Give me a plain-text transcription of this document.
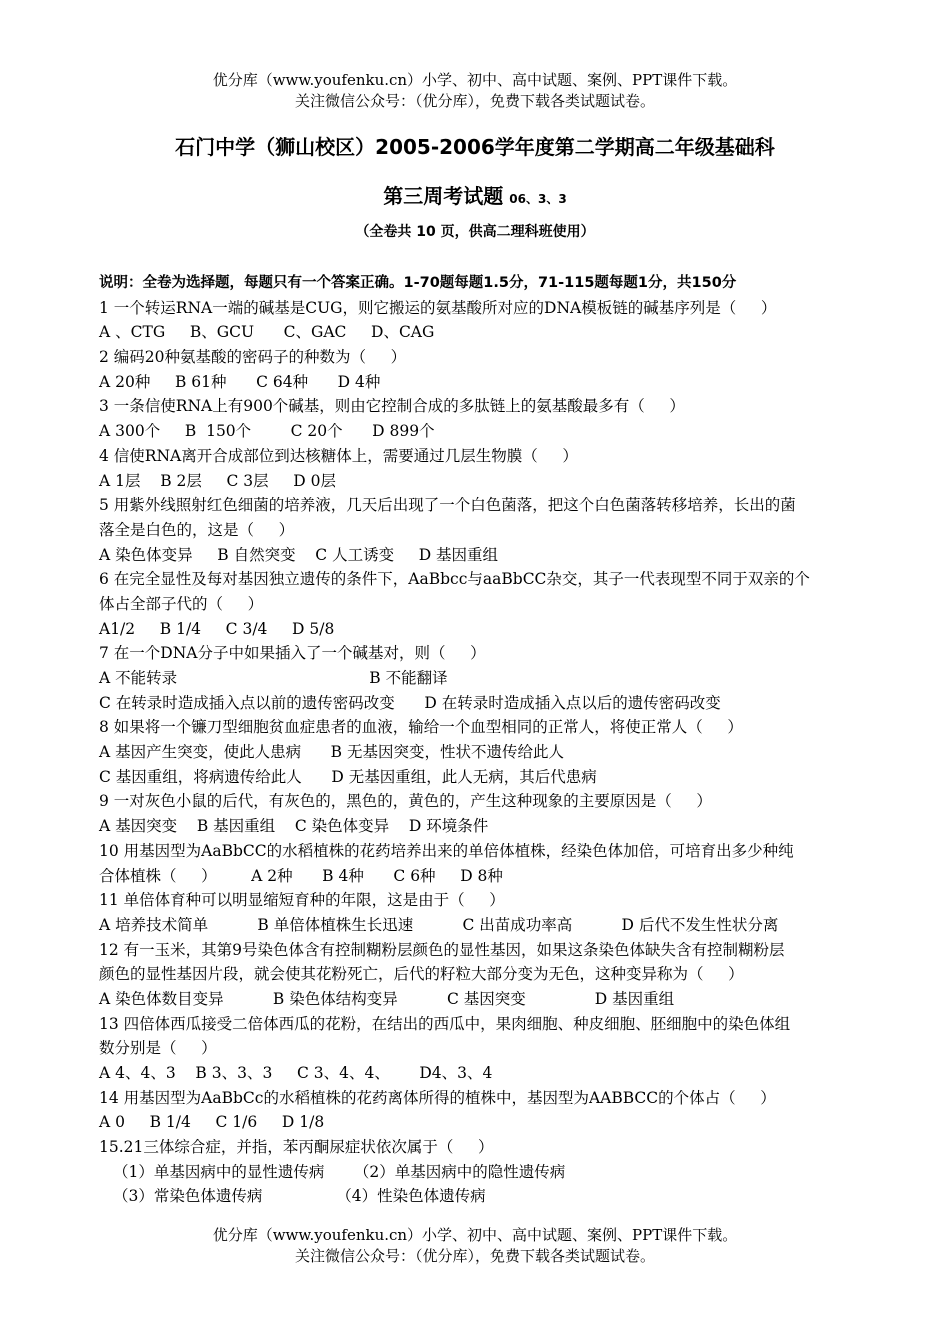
优分库（www.youfenku.cn）小学、初中、高中试题、案例、PPT课件下载。
关注微信公众号：（优分库），免费下载各类试题试卷。
石门中学（狮山校区）2005-2006学年度第二学期高二年级基础科
第三周考试题 06、3、3
（全卷共 10 页，供高二理科班使用）
说明：全卷为选择题，每题只有一个答案正确。1-70题每题1.5分，71-115题每题1分，共150分
1 一个转运RNA一端的碱基是CUG，则它搬运的氨基酸所对应的DNA模板链的碱基序列是（     ）
A 、CTG     B、GCU      C、GAC     D、CAG
2 编码20种氨基酸的密码子的种数为（     ）
A 20种     B 61种      C 64种      D 4种
3 一条信使RNA上有900个碱基，则由它控制合成的多肽链上的氨基酸最多有（     ）
A 300个     B  150个        C 20个      D 899个
4 信使RNA离开合成部位到达核糖体上，需要通过几层生物膜（     ）
A 1层    B 2层     C 3层     D 0层
5 用紫外线照射红色细菌的培养液，几天后出现了一个白色菌落，把这个白色菌落转移培养，长出的菌
落全是白色的，这是（     ）
A 染色体变异     B 自然突变    C 人工诱变     D 基因重组
6 在完全显性及每对基因独立遗传的条件下，AaBbcc与aaBbCC杂交，其子一代表现型不同于双亲的个
体占全部子代的（     ）
A1/2     B 1/4     C 3/4     D 5/8
7 在一个DNA分子中如果插入了一个碱基对，则（     ）
A 不能转录                                       B 不能翻译
C 在转录时造成插入点以前的遗传密码改变      D 在转录时造成插入点以后的遗传密码改变
8 如果将一个镰刀型细胞贫血症患者的血液，输给一个血型相同的正常人，将使正常人（     ）
A 基因产生突变，使此人患病      B 无基因突变，性状不遗传给此人
C 基因重组，将病遗传给此人      D 无基因重组，此人无病，其后代患病
9 一对灰色小鼠的后代，有灰色的，黑色的，黄色的，产生这种现象的主要原因是（     ）
A 基因突变    B 基因重组    C 染色体变异    D 环境条件
10 用基因型为AaBbCC的水稻植株的花药培养出来的单倍体植株，经染色体加倍，可培育出多少种纯
合体植株（     ）       A 2种      B 4种      C 6种     D 8种
11 单倍体育种可以明显缩短育种的年限，这是由于（     ）
A 培养技术简单          B 单倍体植株生长迅速          C 出苗成功率高          D 后代不发生性状分离
12 有一玉米，其第9号染色体含有控制糊粉层颜色的显性基因，如果这条染色体缺失含有控制糊粉层
颜色的显性基因片段，就会使其花粉死亡，后代的籽粒大部分变为无色，这种变异称为（     ）
A 染色体数目变异          B 染色体结构变异          C 基因突变              D 基因重组
13 四倍体西瓜接受二倍体西瓜的花粉，在结出的西瓜中，果肉细胞、种皮细胞、胚细胞中的染色体组
数分别是（     ）
A 4、4、3    B 3、3、3     C 3、4、4、      D4、3、4
14 用基因型为AaBbCc的水稻植株的花药离体所得的植株中，基因型为AABBCC的个体占（     ）
A 0     B 1/4     C 1/6     D 1/8
15.21三体综合症，并指，苯丙酮尿症状依次属于（     ）
（1）单基因病中的显性遗传病      （2）单基因病中的隐性遗传病
（3）常染色体遗传病               （4）性染色体遗传病
优分库（www.youfenku.cn）小学、初中、高中试题、案例、PPT课件下载。
关注微信公众号：（优分库），免费下载各类试题试卷。
